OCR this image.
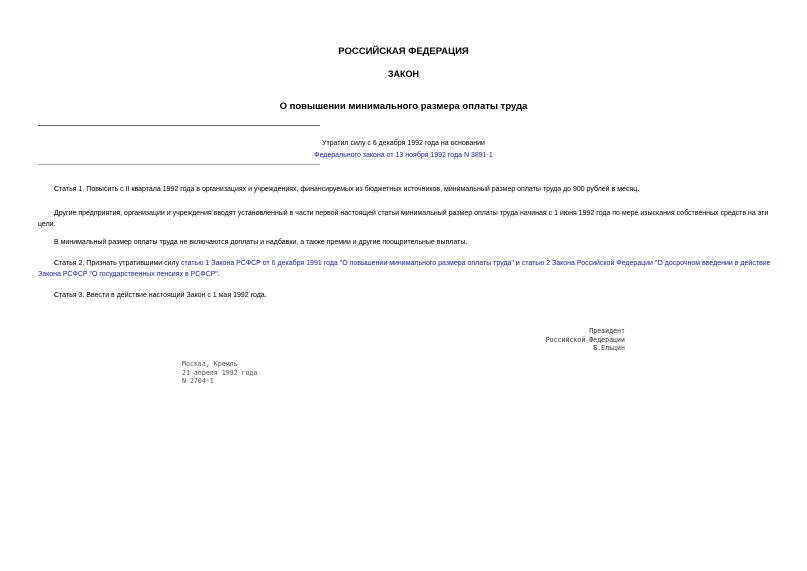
РОССИЙСКАЯ ФЕДЕРАЦИЯ
ЗАКОН
О повышении минимального размера оплаты труда
Утратил силу с 6 декабря 1992 года на основании
Федерального закона от 13 ноября 1992 года N 3891-1
Статья 1. Повысить с II квартала 1992 года в организациях и учреждениях, финансируемых из бюджетных источников, минимальный размер оплаты труда до 900 рублей в месяц.
Другие предприятия, организации и учреждения вводят установленный в части первой настоящей статьи минимальный размер оплаты труда начиная с 1 июня 1992 года по мере изыскания собственных средств на эти цели.
В минимальный размер оплаты труда не включаются доплаты и надбавки, а также премии и другие поощрительные выплаты.
Статья 2. Признать утратившими силу статью 1 Закона РСФСР от 6 декабря 1991 года "О повышении минимального размера оплаты труда" и статью 2 Закона Российской Федерации "О досрочном введении в действие Закона РСФСР "О государственных пенсиях в РСФСР".
Статья 3. Ввести в действие настоящий Закон с 1 мая 1992 года.
Президент
Российской Федерации
Б.Ельцин
Москва, Кремль
21 апреля 1992 года
N 2704-1
